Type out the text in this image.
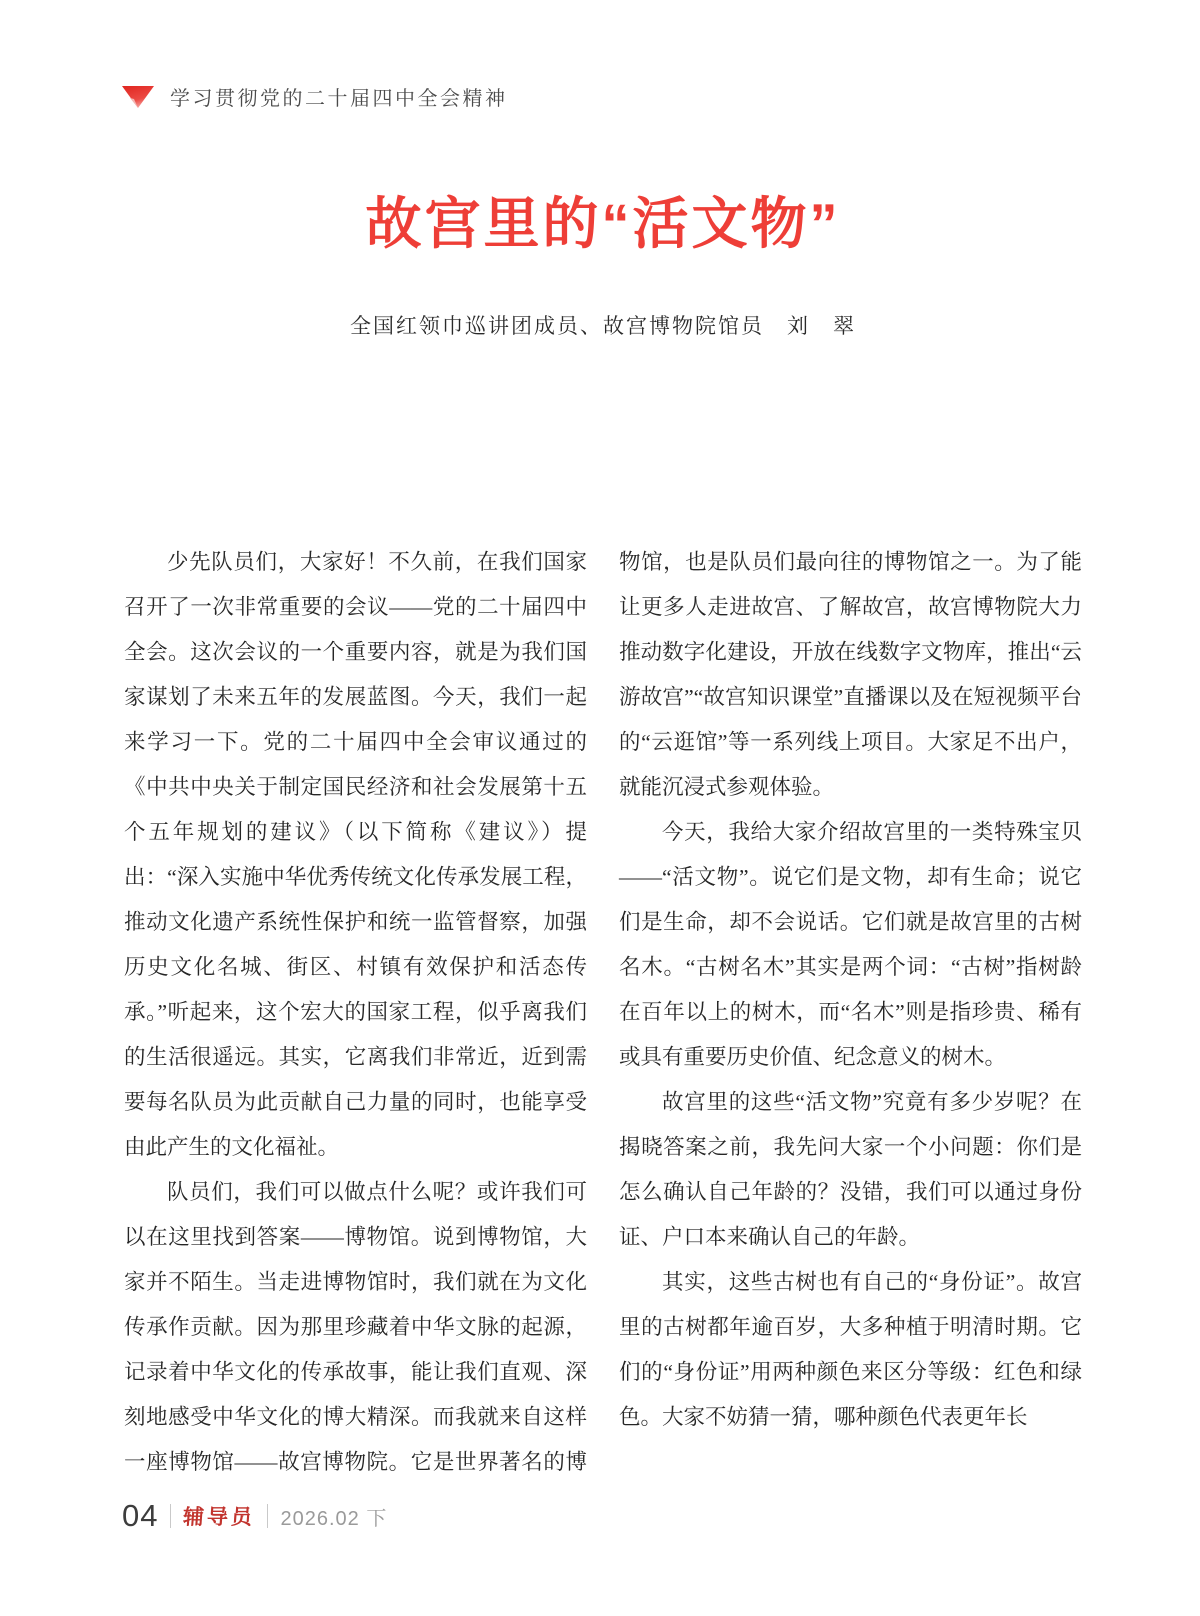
学习贯彻党的二十届四中全会精神
故宫里的“活文物”
全国红领巾巡讲团成员、故宫博物院馆员　刘　翠

少先队员们，大家好！不久前，在我们国家召开了一次非常重要的会议——党的二十届四中全会。这次会议的一个重要内容，就是为我们国家谋划了未来五年的发展蓝图。今天，我们一起来学习一下。党的二十届四中全会审议通过的《中共中央关于制定国民经济和社会发展第十五个五年规划的建议》（以下简称《建议》）提出：“深入实施中华优秀传统文化传承发展工程，推动文化遗产系统性保护和统一监管督察，加强历史文化名城、街区、村镇有效保护和活态传承。”听起来，这个宏大的国家工程，似乎离我们的生活很遥远。其实，它离我们非常近，近到需要每名队员为此贡献自己力量的同时，也能享受由此产生的文化福祉。

队员们，我们可以做点什么呢？或许我们可以在这里找到答案——博物馆。说到博物馆，大家并不陌生。当走进博物馆时，我们就在为文化传承作贡献。因为那里珍藏着中华文脉的起源，记录着中华文化的传承故事，能让我们直观、深刻地感受中华文化的博大精深。而我就来自这样一座博物馆——故宫博物院。它是世界著名的博物馆，也是队员们最向往的博物馆之一。为了能让更多人走进故宫、了解故宫，故宫博物院大力推动数字化建设，开放在线数字文物库，推出“云游故宫”“故宫知识课堂”直播课以及在短视频平台的“云逛馆”等一系列线上项目。大家足不出户，就能沉浸式参观体验。

今天，我给大家介绍故宫里的一类特殊宝贝——“活文物”。说它们是文物，却有生命；说它们是生命，却不会说话。它们就是故宫里的古树名木。“古树名木”其实是两个词：“古树”指树龄在百年以上的树木，而“名木”则是指珍贵、稀有或具有重要历史价值、纪念意义的树木。

故宫里的这些“活文物”究竟有多少岁呢？在揭晓答案之前，我先问大家一个小问题：你们是怎么确认自己年龄的？没错，我们可以通过身份证、户口本来确认自己的年龄。

其实，这些古树也有自己的“身份证”。故宫里的古树都年逾百岁，大多种植于明清时期。它们的“身份证”用两种颜色来区分等级：红色和绿色。大家不妨猜一猜，哪种颜色代表更年长

04 辅导员 2026.02 下
